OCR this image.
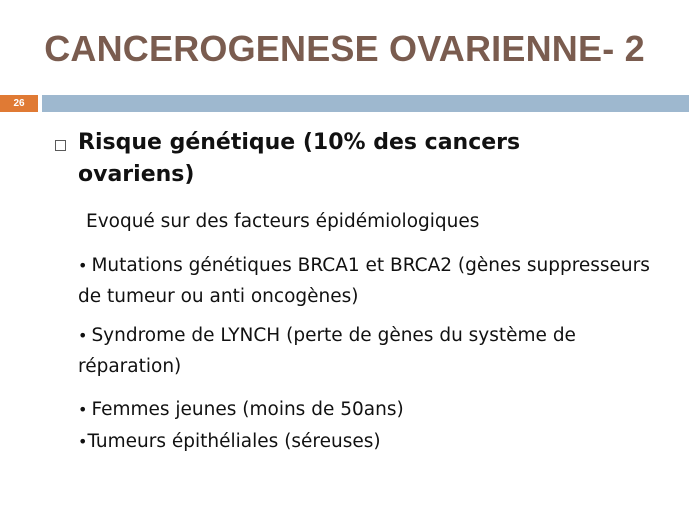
CANCEROGENESE OVARIENNE- 2
26
Risque génétique (10% des cancers ovariens)
Evoqué sur des facteurs épidémiologiques
• Mutations génétiques BRCA1 et BRCA2 (gènes suppresseurs de tumeur ou anti oncogènes)
• Syndrome de LYNCH (perte de gènes du système de réparation)
• Femmes jeunes (moins de 50ans)
•Tumeurs épithéliales (séreuses)
